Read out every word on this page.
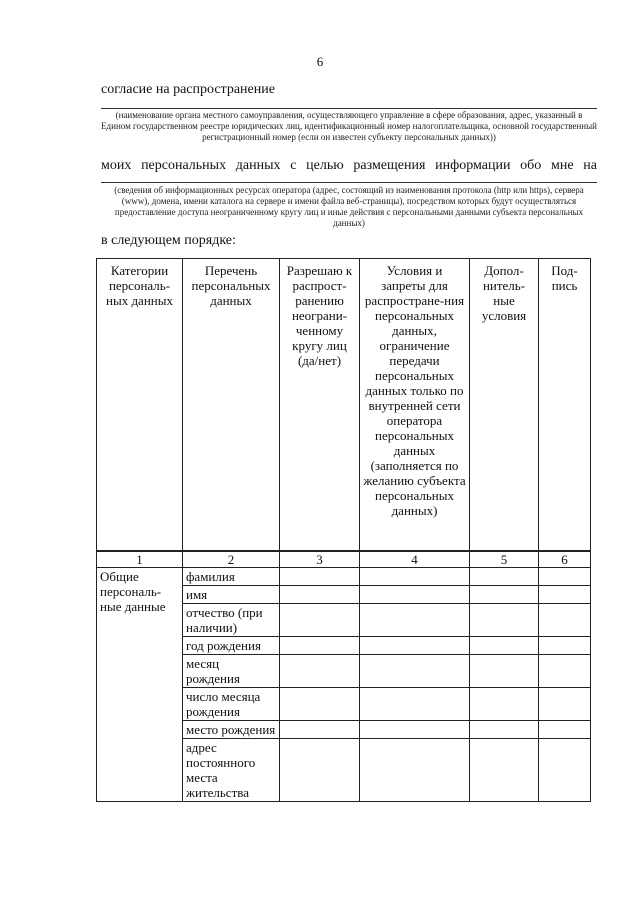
6
согласие на распространение
(наименование органа местного самоуправления, осуществляющего управление в сфере образования, адрес, указанный в Едином государственном реестре юридических лиц, идентификационный номер налогоплательщика, основной государственный регистрационный номер (если он известен субъекту персональных данных))
моих персональных данных с целью размещения информации обо мне на
(сведения об информационных ресурсах оператора (адрес, состоящий из наименования протокола (http или https), сервера (www), домена, имени каталога на сервере и имени файла веб-страницы), посредством которых будут осуществляться предоставление доступа неограниченному кругу лиц и иные действия с персональными данными субъекта персональных данных)
в следующем порядке:
Категории персональ-ных данных	Перечень персональных данных	Разрешаю к распрост-ранению неограни-ченному кругу лиц (да/нет)	Условия и запреты для распростране-ния персональных данных, ограничение передачи персональных данных только по внутренней сети оператора персональных данных (заполняется по желанию субъекта персональных данных)	Допол-нитель-ные условия	Под-пись
1	2	3	4	5	6
Общие персональ-ные данные	фамилия				
	имя				
	отчество (при наличии)				
	год рождения				
	месяц рождения				
	число месяца рождения				
	место рождения				
	адрес постоянного места жительства				
